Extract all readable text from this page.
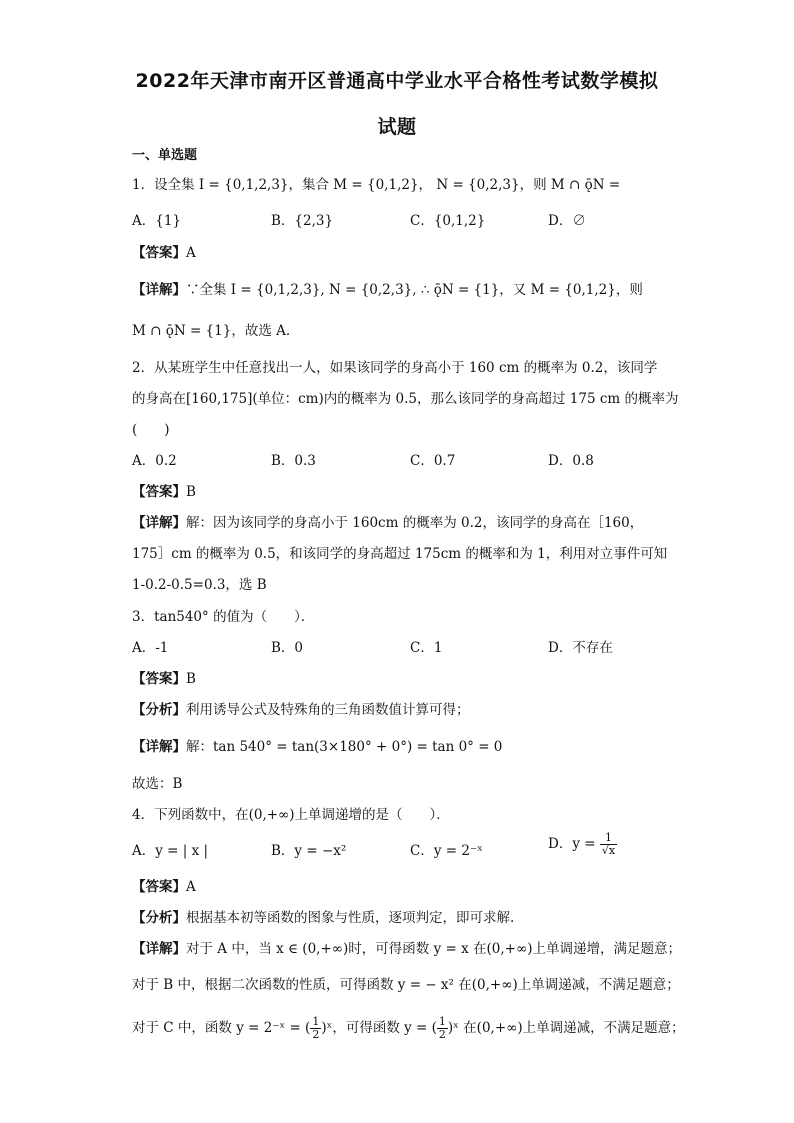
2022年天津市南开区普通高中学业水平合格性考试数学模拟
试题
一、单选题
1．设全集 I = {0,1,2,3}，集合 M = {0,1,2}， N = {0,2,3}，则 M ∩ ǭN =
A．{1}	B．{2,3}	C．{0,1,2}	D．∅
【答案】A
【详解】∵全集 I = {0,1,2,3}, N = {0,2,3}, ∴ ǭN = {1}，又 M = {0,1,2}，则
M ∩ ǭN = {1}，故选 A.
2．从某班学生中任意找出一人，如果该同学的身高小于 160 cm 的概率为 0.2，该同学
的身高在[160,175](单位：cm)内的概率为 0.5，那么该同学的身高超过 175 cm 的概率为
(　　)
A．0.2	B．0.3	C．0.7	D．0.8
【答案】B
【详解】解：因为该同学的身高小于 160cm 的概率为 0.2，该同学的身高在［160，
175］cm 的概率为 0.5，和该同学的身高超过 175cm 的概率和为 1，利用对立事件可知
1-0.2-0.5=0.3，选 B
3．tan540° 的值为（　　）．
A．-1	B．0	C．1	D．不存在
【答案】B
【分析】利用诱导公式及特殊角的三角函数值计算可得；
【详解】解：tan 540° = tan(3×180° + 0°) = tan 0° = 0
故选：B
4．下列函数中，在(0,+∞)上单调递增的是（　　）．
A．y = | x |	B．y = −x²	C．y = 2⁻ˣ	D．$y = \frac{1}{√x}$
【答案】A
【分析】根据基本初等函数的图象与性质，逐项判定，即可求解.
【详解】对于 A 中，当 x ∈ (0,+∞)时，可得函数 y = x 在(0,+∞)上单调递增，满足题意；
对于 B 中，根据二次函数的性质，可得函数 y = − x² 在(0,+∞)上单调递减，不满足题意；
对于 C 中，函数 y = 2⁻ˣ = ( $\frac{1}{2}$ )ˣ，可得函数 y = ( $\frac{1}{2}$ )ˣ 在(0,+∞)上单调递减，不满足题意；
